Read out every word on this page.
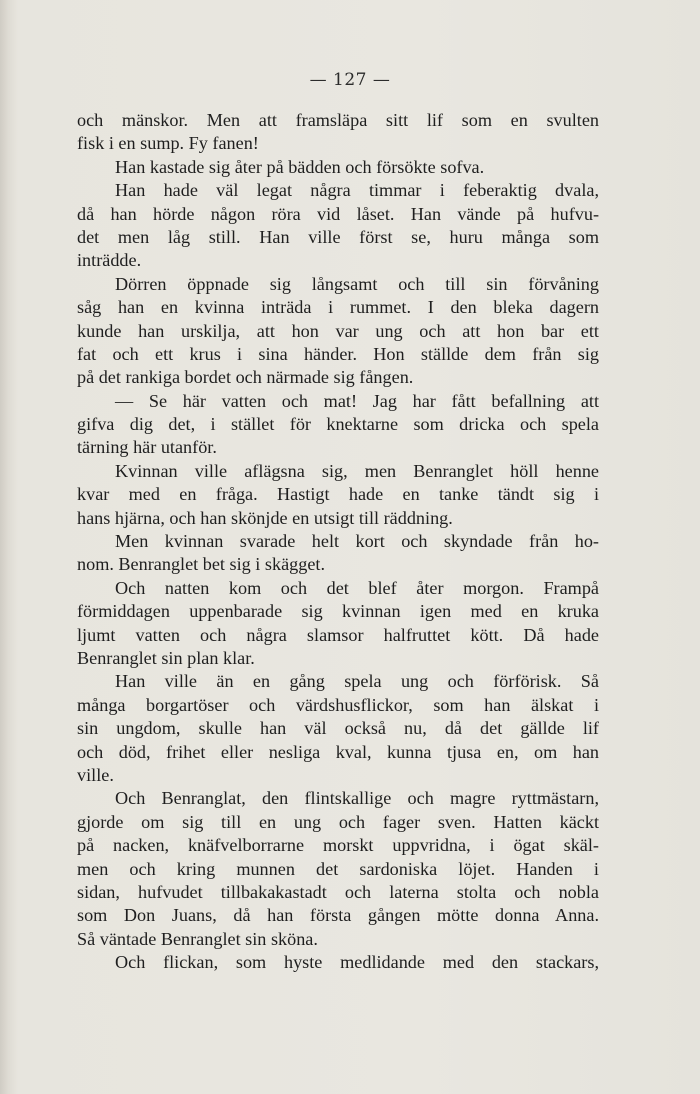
— 127 —
och mänskor. Men att framsläpa sitt lif som en svulten
fisk i en sump. Fy fanen!
Han kastade sig åter på bädden och försökte sofva.
Han hade väl legat några timmar i feberaktig dvala,
då han hörde någon röra vid låset. Han vände på hufvu-
det men låg still. Han ville först se, huru många som
inträdde.
Dörren öppnade sig långsamt och till sin förvåning
såg han en kvinna inträda i rummet. I den bleka dagern
kunde han urskilja, att hon var ung och att hon bar ett
fat och ett krus i sina händer. Hon ställde dem från sig
på det rankiga bordet och närmade sig fången.
— Se här vatten och mat! Jag har fått befallning att
gifva dig det, i stället för knektarne som dricka och spela
tärning här utanför.
Kvinnan ville aflägsna sig, men Benranglet höll henne
kvar med en fråga. Hastigt hade en tanke tändt sig i
hans hjärna, och han skönjde en utsigt till räddning.
Men kvinnan svarade helt kort och skyndade från ho-
nom. Benranglet bet sig i skägget.
Och natten kom och det blef åter morgon. Frampå
förmiddagen uppenbarade sig kvinnan igen med en kruka
ljumt vatten och några slamsor halfruttet kött. Då hade
Benranglet sin plan klar.
Han ville än en gång spela ung och förförisk. Så
många borgartöser och värdshusflickor, som han älskat i
sin ungdom, skulle han väl också nu, då det gällde lif
och död, frihet eller nesliga kval, kunna tjusa en, om han
ville.
Och Benranglat, den flintskallige och magre ryttmästarn,
gjorde om sig till en ung och fager sven. Hatten käckt
på nacken, knäfvelborrarne morskt uppvridna, i ögat skäl-
men och kring munnen det sardoniska löjet. Handen i
sidan, hufvudet tillbakakastadt och laterna stolta och nobla
som Don Juans, då han första gången mötte donna Anna.
Så väntade Benranglet sin sköna.
Och flickan, som hyste medlidande med den stackars,
